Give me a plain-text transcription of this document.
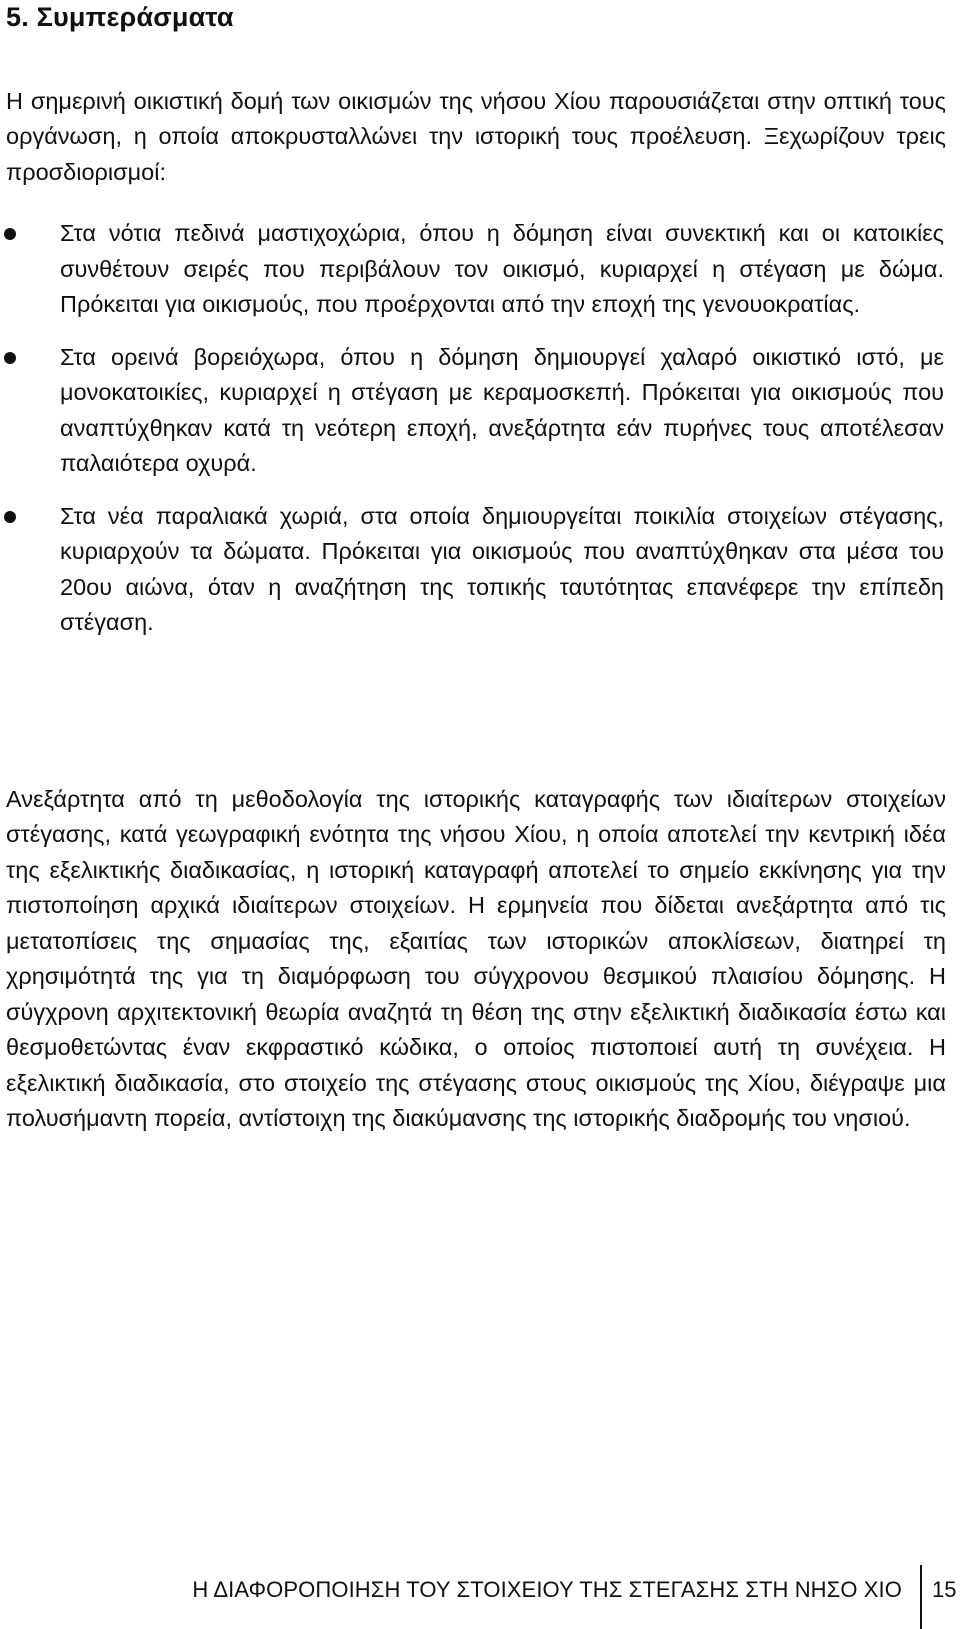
5. Συμπεράσματα

Η σημερινή οικιστική δομή των οικισμών της νήσου Χίου παρουσιάζεται στην οπτική τους οργάνωση, η οποία αποκρυσταλλώνει την ιστορική τους προέλευση. Ξεχωρίζουν τρεις προσδιορισμοί:

Στα νότια πεδινά μαστιχοχώρια, όπου η δόμηση είναι συνεκτική και οι κατοικίες συνθέτουν σειρές που περιβάλουν τον οικισμό, κυριαρχεί η στέγαση με δώμα. Πρόκειται για οικισμούς, που προέρχονται από την εποχή της γενουοκρατίας.
Στα ορεινά βορειόχωρα, όπου η δόμηση δημιουργεί χαλαρό οικιστικό ιστό, με μονοκατοικίες, κυριαρχεί η στέγαση με κεραμοσκεπή. Πρόκειται για οικισμούς που αναπτύχθηκαν κατά τη νεότερη εποχή, ανεξάρτητα εάν πυρήνες τους αποτέλεσαν παλαιότερα οχυρά.
Στα νέα παραλιακά χωριά, στα οποία δημιουργείται ποικιλία στοιχείων στέγασης, κυριαρχούν τα δώματα. Πρόκειται για οικισμούς που αναπτύχθηκαν στα μέσα του 20ου αιώνα, όταν η αναζήτηση της τοπικής ταυτότητας επανέφερε την επίπεδη στέγαση.

Ανεξάρτητα από τη μεθοδολογία της ιστορικής καταγραφής των ιδιαίτερων στοιχείων στέγασης, κατά γεωγραφική ενότητα της νήσου Χίου, η οποία αποτελεί την κεντρική ιδέα της εξελικτικής διαδικασίας, η ιστορική καταγραφή αποτελεί το σημείο εκκίνησης για την πιστοποίηση αρχικά ιδιαίτερων στοιχείων. Η ερμηνεία που δίδεται ανεξάρτητα από τις μετατοπίσεις της σημασίας της, εξαιτίας των ιστορικών αποκλίσεων, διατηρεί τη χρησιμότητά της για τη διαμόρφωση του σύγχρονου θεσμικού πλαισίου δόμησης. Η σύγχρονη αρχιτεκτονική θεωρία αναζητά τη θέση της στην εξελικτική διαδικασία έστω και θεσμοθετώντας έναν εκφραστικό κώδικα, ο οποίος πιστοποιεί αυτή τη συνέχεια. Η εξελικτική διαδικασία, στο στοιχείο της στέγασης στους οικισμούς της Χίου, διέγραψε μια πολυσήμαντη πορεία, αντίστοιχη της διακύμανσης της ιστορικής διαδρομής του νησιού.

Η ΔΙΑΦΟΡΟΠΟΙΗΣΗ ΤΟΥ ΣΤΟΙΧΕΙΟΥ ΤΗΣ ΣΤΕΓΑΣΗΣ ΣΤΗ ΝΗΣΟ ΧΙΟ 15
